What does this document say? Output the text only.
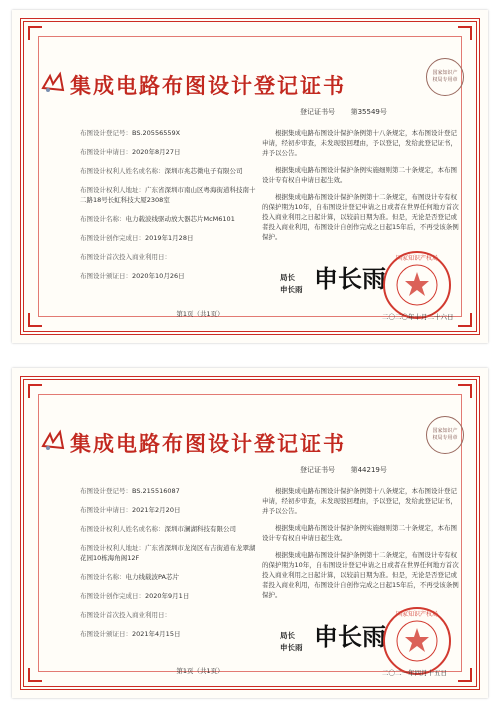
集成电路布图设计登记证书	国家知识产权局专用章
登记证书号 第35549号
布图设计登记号：BS.20556559X
布图设计申请日：2020年8月27日
布图设计权利人姓名或名称：深圳市兆芯微电子有限公司
布图设计权利人地址：广东省深圳市南山区粤海街道科技南十二路18号长虹科技大厦2308室
布图设计名称：电力载波线驱动放大器芯片McM6101
布图设计创作完成日：2019年1月28日
布图设计首次投入商业利用日：
布图设计颁证日：2020年10月26日

根据集成电路布图设计保护条例第十八条规定，本布图设计登记申请，经初步审查，未发现驳回理由，予以登记，发给此登记证书，并予以公告。

根据集成电路布图设计保护条例实施细则第二十条规定，本布图设计专有权自申请日起生效。

根据集成电路布图设计保护条例第十二条规定，布图设计专有权的保护期为10年，自布图设计登记申请之日或者在世界任何地方首次投入商业利用之日起计算，以较前日期为准。但是，无论是否登记或者投入商业利用，布图设计自创作完成之日起15年后，不再受该条例保护。

局长
申长雨 申长雨
国家知识产权局
二〇二〇年十月二十六日
第1页（共1页）
集成电路布图设计登记证书	国家知识产权局专用章
登记证书号 第44219号
布图设计登记号：BS.215516087
布图设计申请日：2021年2月20日
布图设计权利人姓名或名称：深圳市澜湖科技有限公司
布图设计权利人地址：广东省深圳市龙岗区布吉街道布龙翠湖花园10栋海角阁12F
布图设计名称：电力线载波PA芯片
布图设计创作完成日：2020年9月1日
布图设计首次投入商业利用日：
布图设计颁证日：2021年4月15日

根据集成电路布图设计保护条例第十八条规定，本布图设计登记申请，经初步审查，未发现驳回理由，予以登记，发给此登记证书，并予以公告。

根据集成电路布图设计保护条例实施细则第二十条规定，本布图设计专有权自申请日起生效。

根据集成电路布图设计保护条例第十二条规定，布图设计专有权的保护期为10年，自布图设计登记申请之日或者在世界任何地方首次投入商业利用之日起计算，以较前日期为准。但是，无论是否登记或者投入商业利用，布图设计自创作完成之日起15年后，不再受该条例保护。

局长
申长雨 申长雨
国家知识产权局
二〇二一年四月十五日
第1页（共1页）
